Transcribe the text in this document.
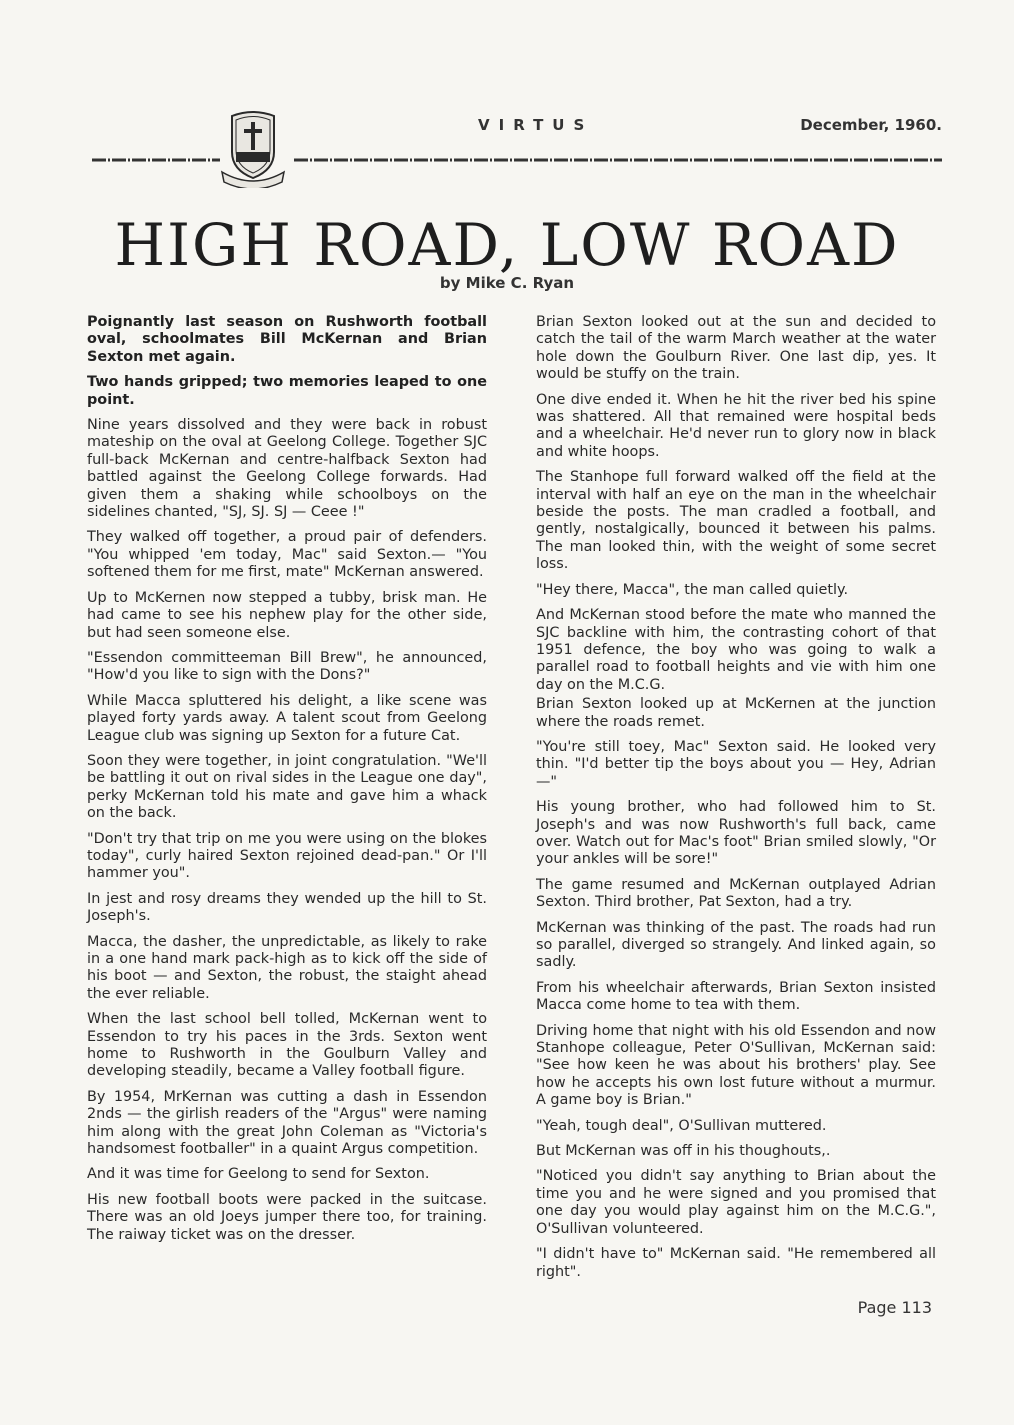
VIRTUS	December, 1960.
HIGH ROAD, LOW ROAD
by Mike C. Ryan

Poignantly last season on Rushworth football oval, schoolmates Bill McKernan and Brian Sexton met again.

Two hands gripped; two memories leaped to one point.

Nine years dissolved and they were back in robust mateship on the oval at Geelong College. Together SJC full-back McKernan and centre-halfback Sexton had battled against the Geelong College forwards. Had given them a shaking while schoolboys on the sidelines chanted, "SJ, SJ. SJ — Ceee !"

They walked off together, a proud pair of defenders. "You whipped 'em today, Mac" said Sexton.— "You softened them for me first, mate" McKernan answered.

Up to McKernen now stepped a tubby, brisk man. He had came to see his nephew play for the other side, but had seen someone else.

"Essendon committeeman Bill Brew", he announced, "How'd you like to sign with the Dons?"

While Macca spluttered his delight, a like scene was played forty yards away. A talent scout from Geelong League club was signing up Sexton for a future Cat.

Soon they were together, in joint congratulation. "We'll be battling it out on rival sides in the League one day", perky McKernan told his mate and gave him a whack on the back.

"Don't try that trip on me you were using on the blokes today", curly haired Sexton rejoined dead-pan." Or I'll hammer you".

In jest and rosy dreams they wended up the hill to St. Joseph's.

Macca, the dasher, the unpredictable, as likely to rake in a one hand mark pack-high as to kick off the side of his boot — and Sexton, the robust, the staight ahead the ever reliable.

When the last school bell tolled, McKernan went to Essendon to try his paces in the 3rds. Sexton went home to Rushworth in the Goulburn Valley and developing steadily, became a Valley football figure.

By 1954, MrKernan was cutting a dash in Essendon 2nds — the girlish readers of the "Argus" were naming him along with the great John Coleman as "Victoria's handsomest footballer" in a quaint Argus competition.

And it was time for Geelong to send for Sexton.

His new football boots were packed in the suitcase. There was an old Joeys jumper there too, for training. The raiway ticket was on the dresser.

Brian Sexton looked out at the sun and decided to catch the tail of the warm March weather at the water hole down the Goulburn River. One last dip, yes. It would be stuffy on the train.

One dive ended it. When he hit the river bed his spine was shattered. All that remained were hospital beds and a wheelchair. He'd never run to glory now in black and white hoops.

The Stanhope full forward walked off the field at the interval with half an eye on the man in the wheelchair beside the posts. The man cradled a football, and gently, nostalgically, bounced it between his palms. The man looked thin, with the weight of some secret loss.

"Hey there, Macca", the man called quietly.

And McKernan stood before the mate who manned the SJC backline with him, the contrasting cohort of that 1951 defence, the boy who was going to walk a parallel road to football heights and vie with him one day on the M.C.G.

Brian Sexton looked up at McKernen at the junction where the roads remet.

"You're still toey, Mac" Sexton said. He looked very thin. "I'd better tip the boys about you — Hey, Adrian —"

His young brother, who had followed him to St. Joseph's and was now Rushworth's full back, came over. Watch out for Mac's foot" Brian smiled slowly, "Or your ankles will be sore!"

The game resumed and McKernan outplayed Adrian Sexton. Third brother, Pat Sexton, had a try.

McKernan was thinking of the past. The roads had run so parallel, diverged so strangely. And linked again, so sadly.

From his wheelchair afterwards, Brian Sexton insisted Macca come home to tea with them.

Driving home that night with his old Essendon and now Stanhope colleague, Peter O'Sullivan, McKernan said: "See how keen he was about his brothers' play. See how he accepts his own lost future without a murmur. A game boy is Brian."

"Yeah, tough deal", O'Sullivan muttered.

But McKernan was off in his thoughouts,.

"Noticed you didn't say anything to Brian about the time you and he were signed and you promised that one day you would play against him on the M.C.G.", O'Sullivan volunteered.

"I didn't have to" McKernan said. "He remembered all right".

Page 113
